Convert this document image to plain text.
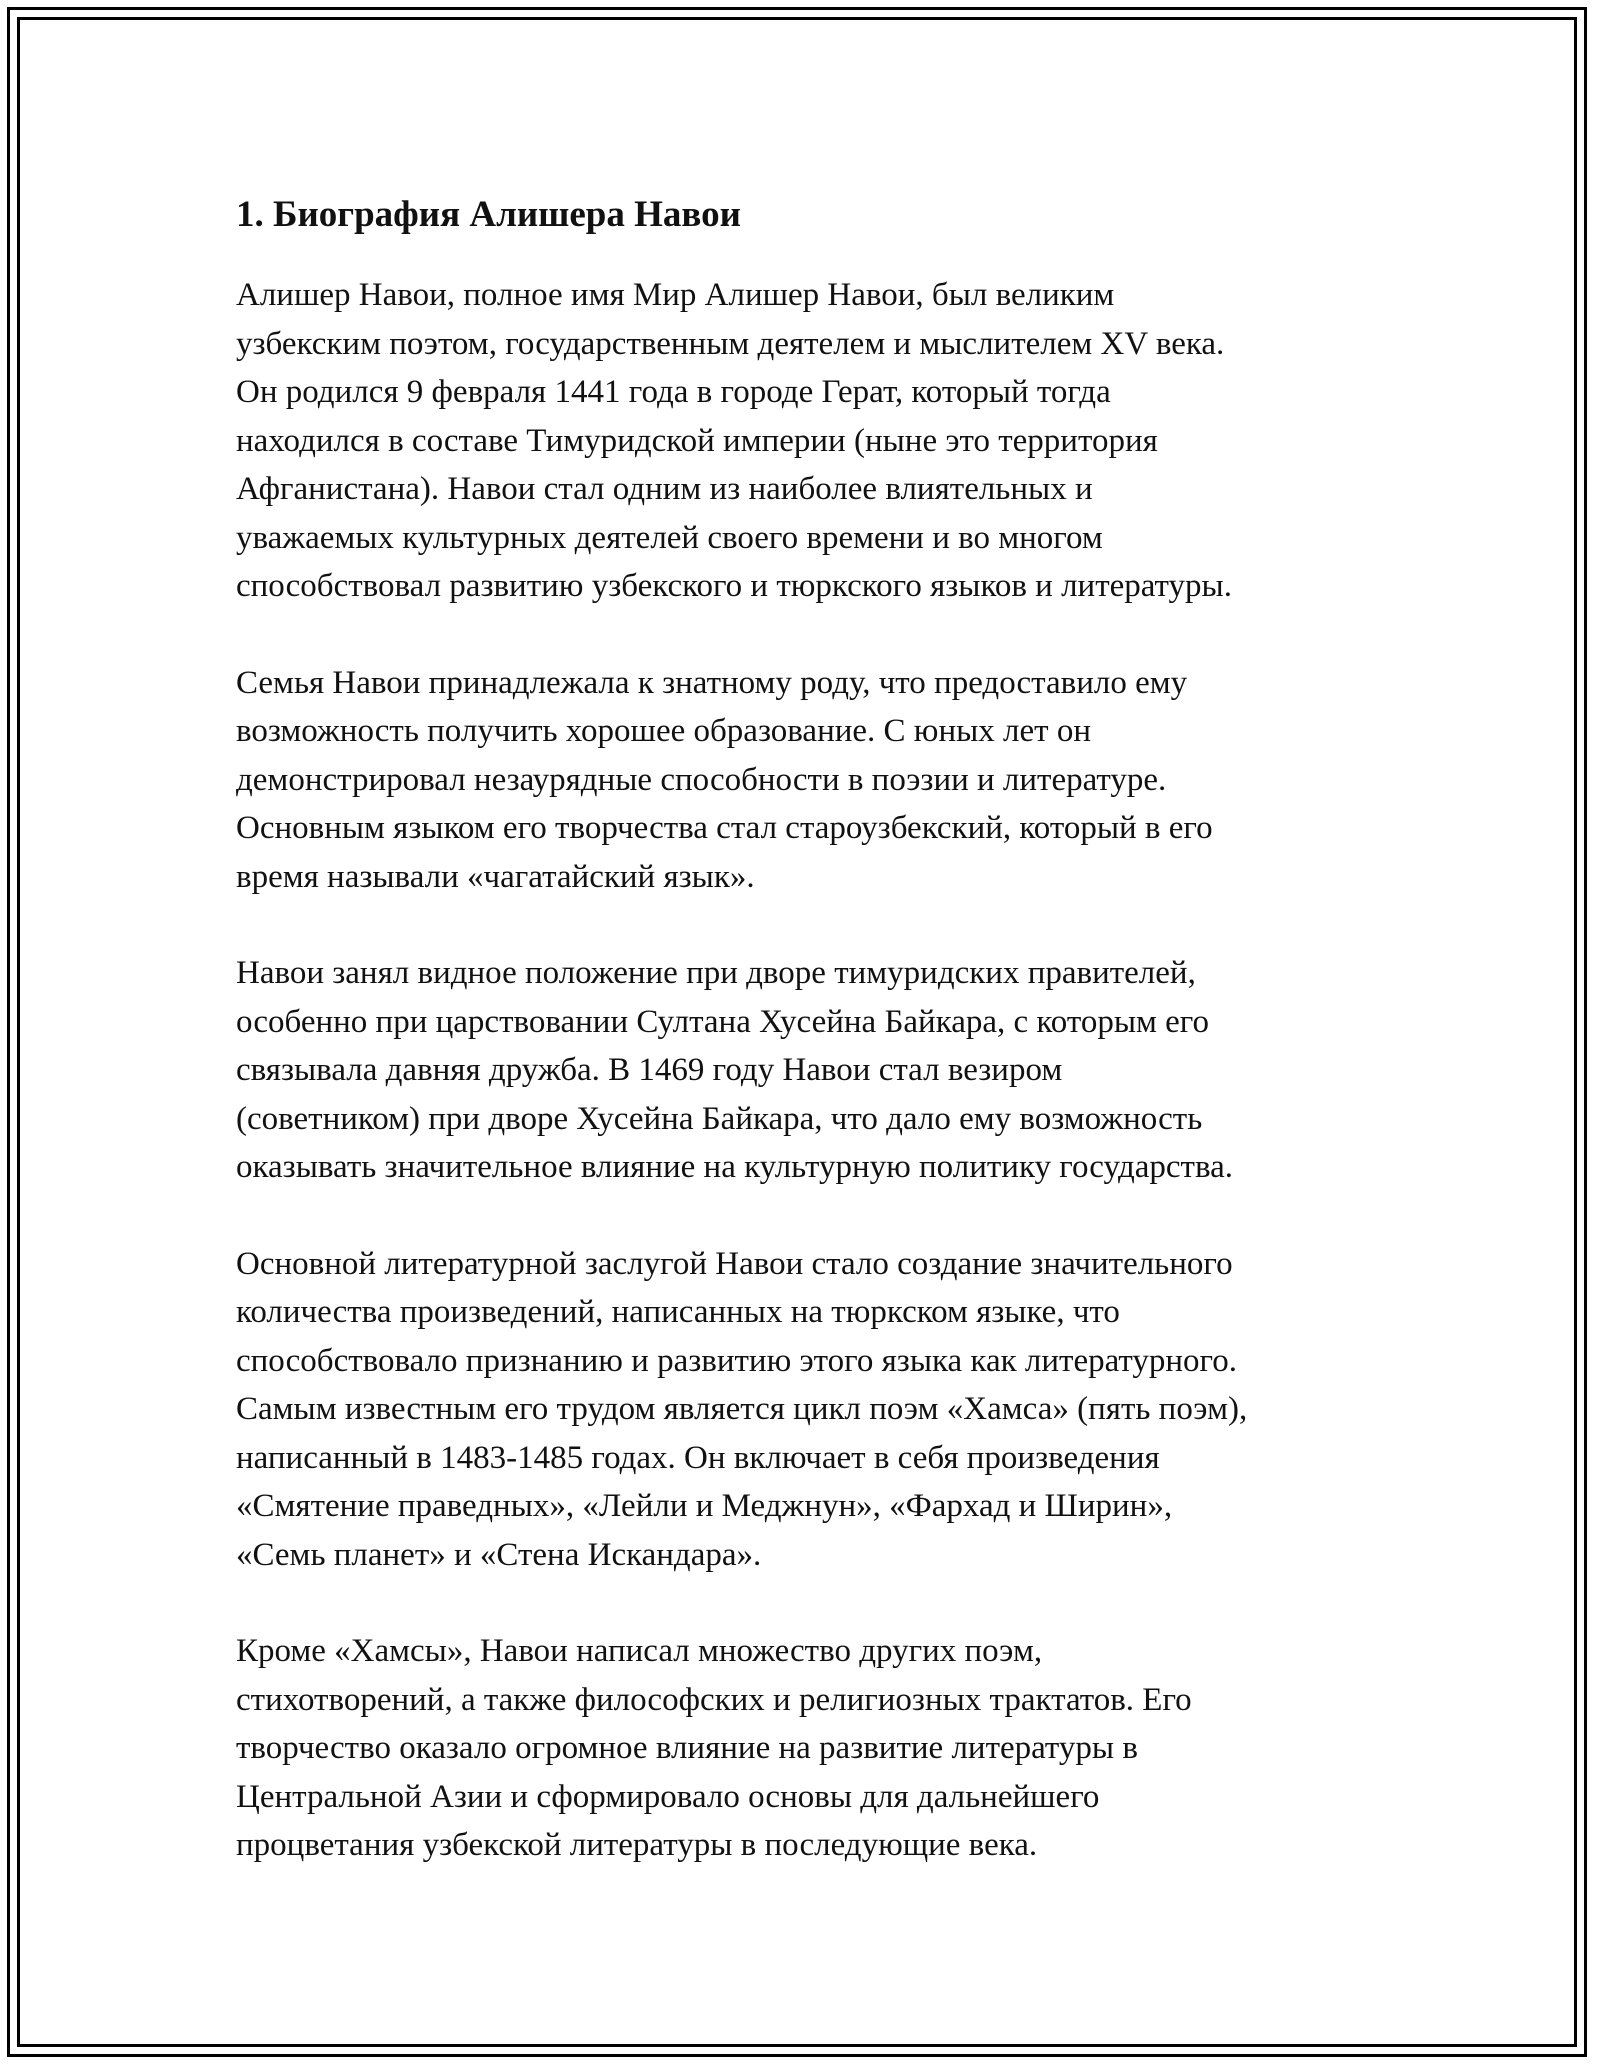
1. Биография Алишера Навои

Алишер Навои, полное имя Мир Алишер Навои, был великим
узбекским поэтом, государственным деятелем и мыслителем XV века.
Он родился 9 февраля 1441 года в городе Герат, который тогда
находился в составе Тимуридской империи (ныне это территория
Афганистана). Навои стал одним из наиболее влиятельных и
уважаемых культурных деятелей своего времени и во многом
способствовал развитию узбекского и тюркского языков и литературы.

Семья Навои принадлежала к знатному роду, что предоставило ему
возможность получить хорошее образование. С юных лет он
демонстрировал незаурядные способности в поэзии и литературе.
Основным языком его творчества стал староузбекский, который в его
время называли «чагатайский язык».

Навои занял видное положение при дворе тимуридских правителей,
особенно при царствовании Султана Хусейна Байкара, с которым его
связывала давняя дружба. В 1469 году Навои стал везиром
(советником) при дворе Хусейна Байкара, что дало ему возможность
оказывать значительное влияние на культурную политику государства.

Основной литературной заслугой Навои стало создание значительного
количества произведений, написанных на тюркском языке, что
способствовало признанию и развитию этого языка как литературного.
Самым известным его трудом является цикл поэм «Хамса» (пять поэм),
написанный в 1483-1485 годах. Он включает в себя произведения
«Смятение праведных», «Лейли и Меджнун», «Фархад и Ширин»,
«Семь планет» и «Стена Искандара».

Кроме «Хамсы», Навои написал множество других поэм,
стихотворений, а также философских и религиозных трактатов. Его
творчество оказало огромное влияние на развитие литературы в
Центральной Азии и сформировало основы для дальнейшего
процветания узбекской литературы в последующие века.
